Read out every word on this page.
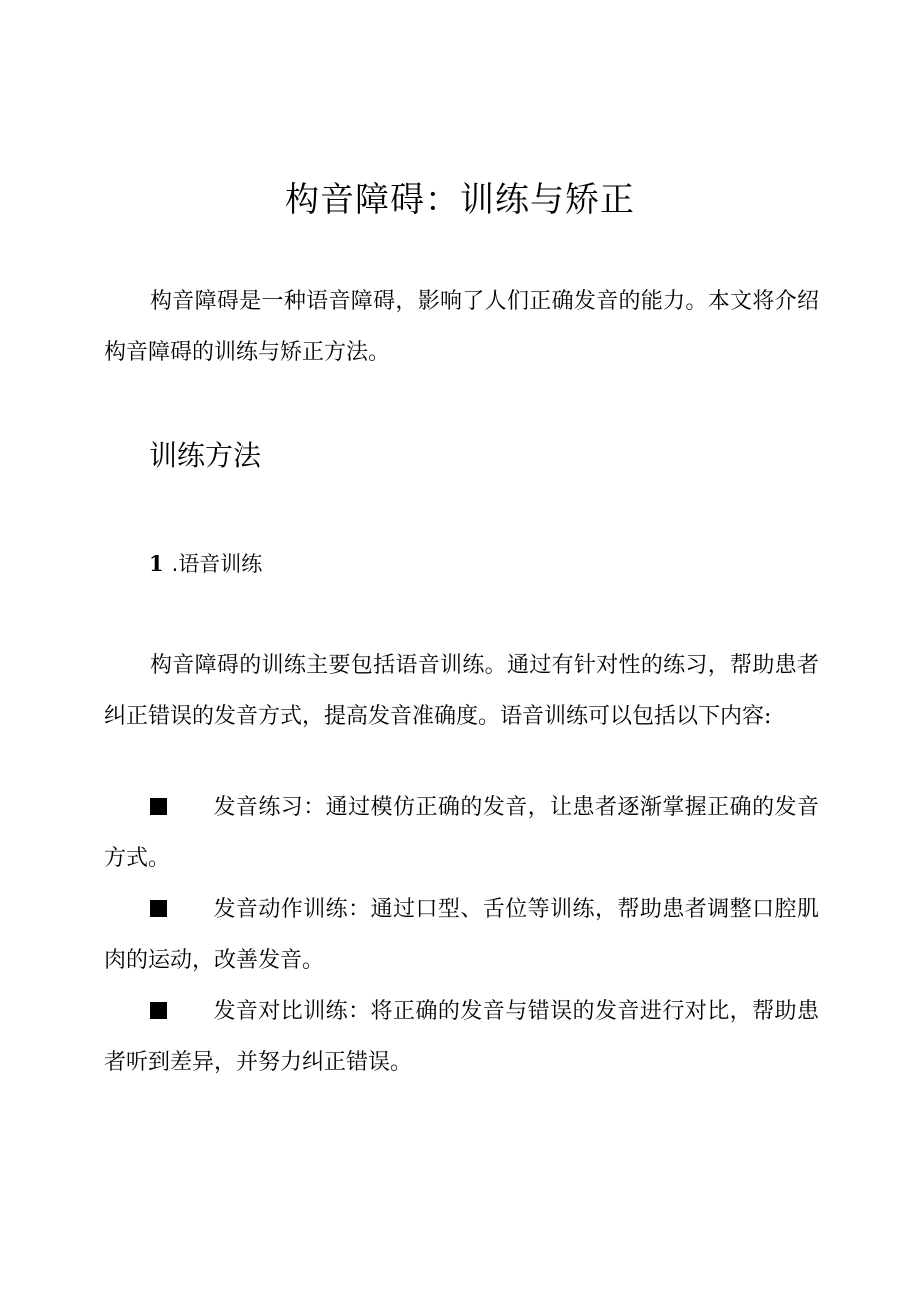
构音障碍：训练与矫正

构音障碍是一种语音障碍，影响了人们正确发音的能力。本文将介绍构音障碍的训练与矫正方法。

训练方法
1 .语音训练

构音障碍的训练主要包括语音训练。通过有针对性的练习，帮助患者纠正错误的发音方式，提高发音准确度。语音训练可以包括以下内容:

发音练习：通过模仿正确的发音，让患者逐渐掌握正确的发音方式。
发音动作训练：通过口型、舌位等训练，帮助患者调整口腔肌肉的运动，改善发音。
发音对比训练：将正确的发音与错误的发音进行对比，帮助患者听到差异，并努力纠正错误。
